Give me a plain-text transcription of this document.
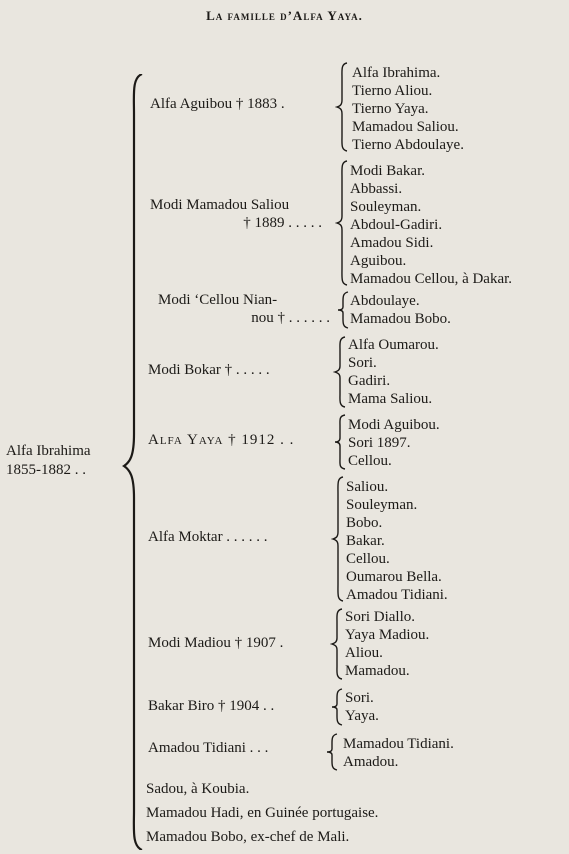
La famille d’Alfa Yaya.
Alfa Ibrahima
1855-1882 . .
Alfa Aguibou † 1883 .
Alfa Ibrahima.
Tierno Aliou.
Tierno Yaya.
Mamadou Saliou.
Tierno Abdoulaye.
Modi Mamadou Saliou
† 1889 . . . . .
Modi Bakar.
Abbassi.
Souleyman.
Abdoul-Gadiri.
Amadou Sidi.
Aguibou.
Mamadou Cellou, à Dakar.
Modi ‘Cellou Nian-
nou † . . . . . .
Abdoulaye.
Mamadou Bobo.
Modi Bokar † . . . . .
Alfa Oumarou.
Sori.
Gadiri.
Mama Saliou.
Alfa Yaya † 1912 . .
Modi Aguibou.
Sori 1897.
Cellou.
Alfa Moktar . . . . . .
Saliou.
Souleyman.
Bobo.
Bakar.
Cellou.
Oumarou Bella.
Amadou Tidiani.
Modi Madiou † 1907 .
Sori Diallo.
Yaya Madiou.
Aliou.
Mamadou.
Bakar Biro † 1904 . .	Sori.
Yaya.
Amadou Tidiani . . .	Mamadou Tidiani.
Amadou.
Sadou, à Koubia.
Mamadou Hadi, en Guinée portugaise.
Mamadou Bobo, ex-chef de Mali.
